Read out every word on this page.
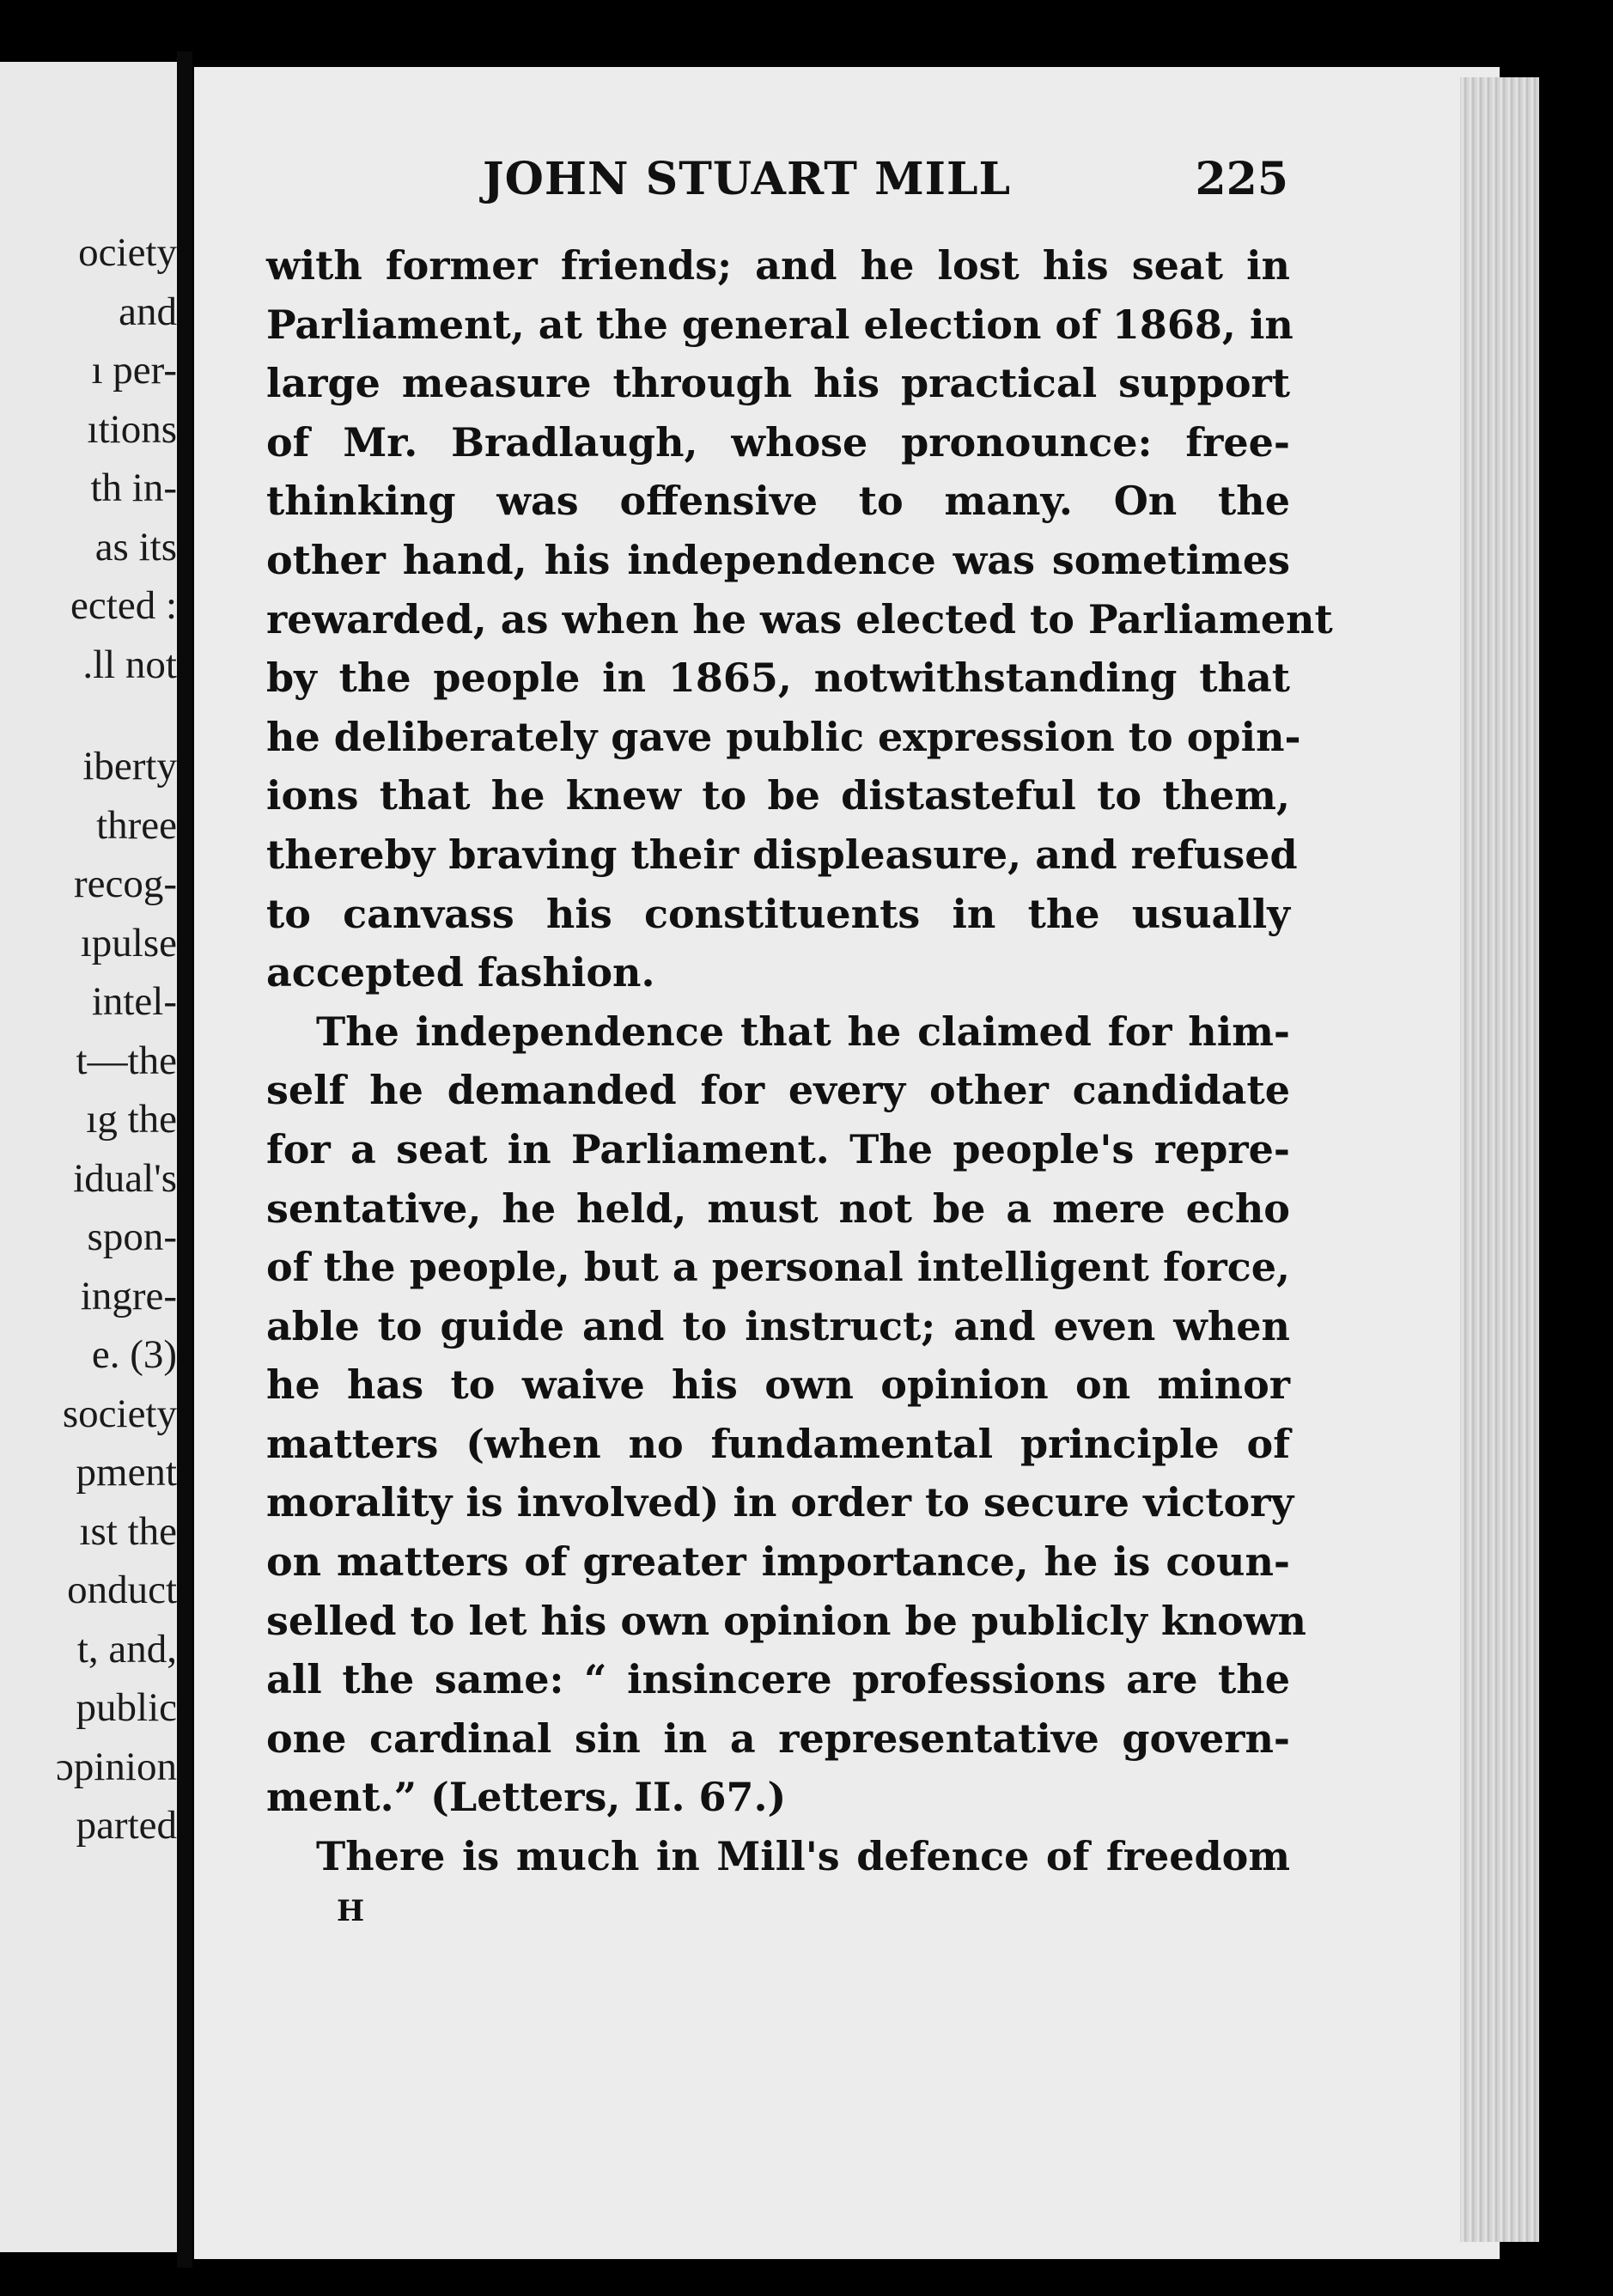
ociety
and
ı per-
ıtions
th in-
as its
ected :
.ll not
iberty
three
recog-
ıpulse
intel-
t—the
ıg the
idual's
spon-
ingre-
e. (3)
society
pment
ıst the
onduct
t, and,
public
ɔpinion
parted
JOHN STUART MILL	225
with former friends; and he lost his seat in
Parliament, at the general election of 1868, in
large measure through his practical support
of Mr. Bradlaugh, whose pronounce: free-
thinking was offensive to many. On the
other hand, his independence was sometimes
rewarded, as when he was elected to Parliament
by the people in 1865, notwithstanding that
he deliberately gave public expression to opin-
ions that he knew to be distasteful to them,
thereby braving their displeasure, and refused
to canvass his constituents in the usually
accepted fashion.
The independence that he claimed for him-
self he demanded for every other candidate
for a seat in Parliament. The people's repre-
sentative, he held, must not be a mere echo
of the people, but a personal intelligent force,
able to guide and to instruct; and even when
he has to waive his own opinion on minor
matters (when no fundamental principle of
morality is involved) in order to secure victory
on matters of greater importance, he is coun-
selled to let his own opinion be publicly known
all the same: “ insincere professions are the
one cardinal sin in a representative govern-
ment.” (Letters, II. 67.)
There is much in Mill's defence of freedom
H
